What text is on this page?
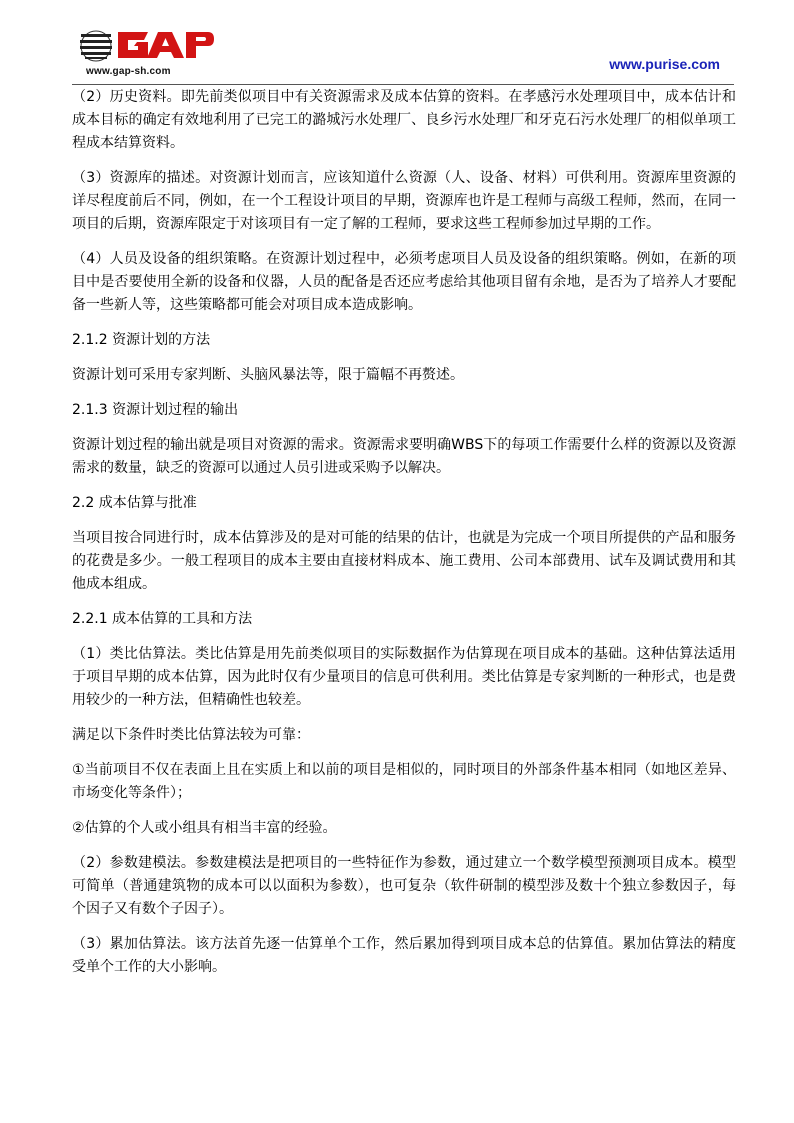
www.gap-sh.com	www.purise.com

（2）历史资料。即先前类似项目中有关资源需求及成本估算的资料。在孝感污水处理项目中，成本估计和成本目标的确定有效地利用了已完工的潞城污水处理厂、良乡污水处理厂和牙克石污水处理厂的相似单项工程成本结算资料。

（3）资源库的描述。对资源计划而言，应该知道什么资源（人、设备、材料）可供利用。资源库里资源的详尽程度前后不同，例如，在一个工程设计项目的早期，资源库也许是工程师与高级工程师，然而，在同一项目的后期，资源库限定于对该项目有一定了解的工程师，要求这些工程师参加过早期的工作。

（4）人员及设备的组织策略。在资源计划过程中，必须考虑项目人员及设备的组织策略。例如，在新的项目中是否要使用全新的设备和仪器，人员的配备是否还应考虑给其他项目留有余地，是否为了培养人才要配备一些新人等，这些策略都可能会对项目成本造成影响。

2.1.2 资源计划的方法

资源计划可采用专家判断、头脑风暴法等，限于篇幅不再赘述。

2.1.3 资源计划过程的输出

资源计划过程的输出就是项目对资源的需求。资源需求要明确WBS下的每项工作需要什么样的资源以及资源需求的数量，缺乏的资源可以通过人员引进或采购予以解决。

2.2 成本估算与批准

当项目按合同进行时，成本估算涉及的是对可能的结果的估计，也就是为完成一个项目所提供的产品和服务的花费是多少。一般工程项目的成本主要由直接材料成本、施工费用、公司本部费用、试车及调试费用和其他成本组成。

2.2.1 成本估算的工具和方法

（1）类比估算法。类比估算是用先前类似项目的实际数据作为估算现在项目成本的基础。这种估算法适用于项目早期的成本估算，因为此时仅有少量项目的信息可供利用。类比估算是专家判断的一种形式，也是费用较少的一种方法，但精确性也较差。

满足以下条件时类比估算法较为可靠：

①当前项目不仅在表面上且在实质上和以前的项目是相似的，同时项目的外部条件基本相同（如地区差异、市场变化等条件）；

②估算的个人或小组具有相当丰富的经验。

（2）参数建模法。参数建模法是把项目的一些特征作为参数，通过建立一个数学模型预测项目成本。模型可简单（普通建筑物的成本可以以面积为参数），也可复杂（软件研制的模型涉及数十个独立参数因子，每个因子又有数个子因子）。

（3）累加估算法。该方法首先逐一估算单个工作，然后累加得到项目成本总的估算值。累加估算法的精度受单个工作的大小影响。
